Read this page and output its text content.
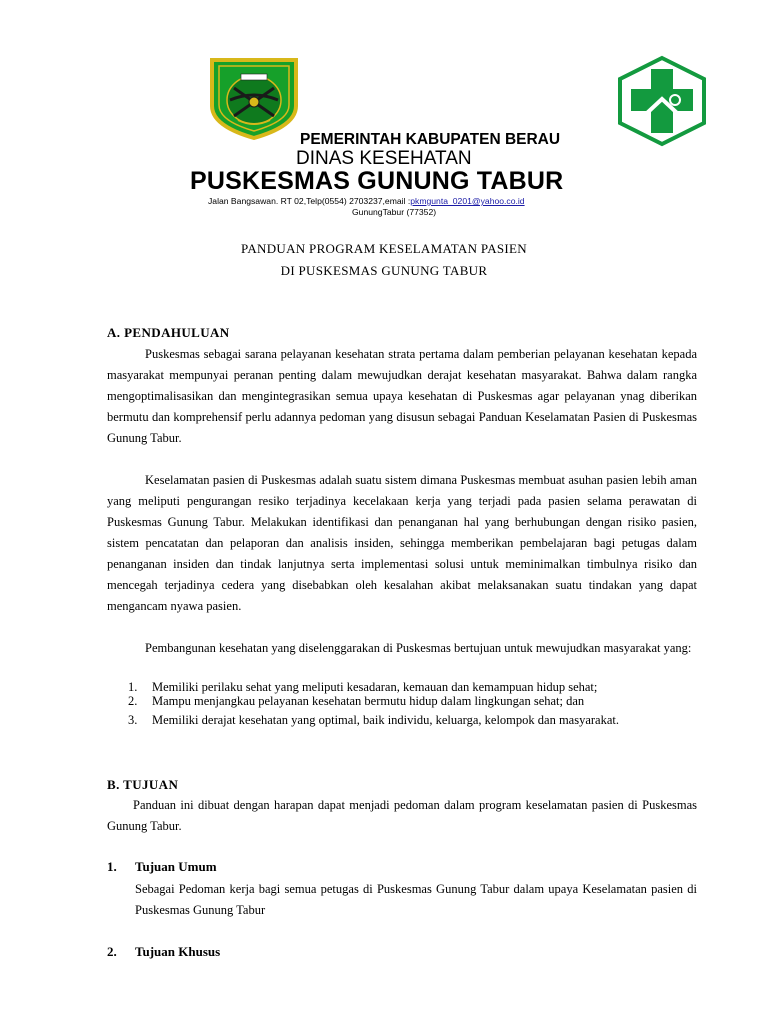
PEMERINTAH KABUPATEN BERAU
DINAS KESEHATAN
PUSKESMAS GUNUNG TABUR
Jalan Bangsawan. RT 02,Telp(0554) 2703237,email :pkmgunta_0201@yahoo.co.id
GunungTabur (77352)
PANDUAN PROGRAM KESELAMATAN PASIEN
DI PUSKESMAS GUNUNG TABUR
A. PENDAHULUAN

Puskesmas sebagai sarana pelayanan kesehatan strata pertama dalam pemberian pelayanan kesehatan kepada masyarakat mempunyai peranan penting dalam mewujudkan derajat kesehatan masyarakat. Bahwa dalam rangka mengoptimalisasikan dan mengintegrasikan semua upaya kesehatan di Puskesmas agar pelayanan ynag diberikan bermutu dan komprehensif perlu adannya pedoman yang disusun sebagai Panduan Keselamatan Pasien di Puskesmas Gunung Tabur.

Keselamatan pasien di Puskesmas adalah suatu sistem dimana Puskesmas membuat asuhan pasien lebih aman yang meliputi pengurangan resiko terjadinya kecelakaan kerja yang terjadi pada pasien selama perawatan di Puskesmas Gunung Tabur. Melakukan identifikasi dan penanganan hal yang berhubungan dengan risiko pasien, sistem pencatatan dan pelaporan dan analisis insiden, sehingga memberikan pembelajaran bagi petugas dalam penanganan insiden dan tindak lanjutnya serta implementasi solusi untuk meminimalkan timbulnya risiko dan mencegah terjadinya cedera yang disebabkan oleh kesalahan akibat melaksanakan suatu tindakan yang dapat mengancam nyawa pasien.

Pembangunan kesehatan yang diselenggarakan di Puskesmas bertujuan untuk mewujudkan masyarakat yang:

1. Memiliki perilaku sehat yang meliputi kesadaran, kemauan dan kemampuan hidup sehat;
2. Mampu menjangkau pelayanan kesehatan bermutu hidup dalam lingkungan sehat; dan
3. Memiliki derajat kesehatan yang optimal, baik individu, keluarga, kelompok dan masyarakat.
B. TUJUAN

Panduan ini dibuat dengan harapan dapat menjadi pedoman dalam program keselamatan pasien di Puskesmas Gunung Tabur.

1. Tujuan Umum

Sebagai Pedoman kerja bagi semua petugas di Puskesmas Gunung Tabur dalam upaya Keselamatan pasien di Puskesmas Gunung Tabur

2. Tujuan Khusus
